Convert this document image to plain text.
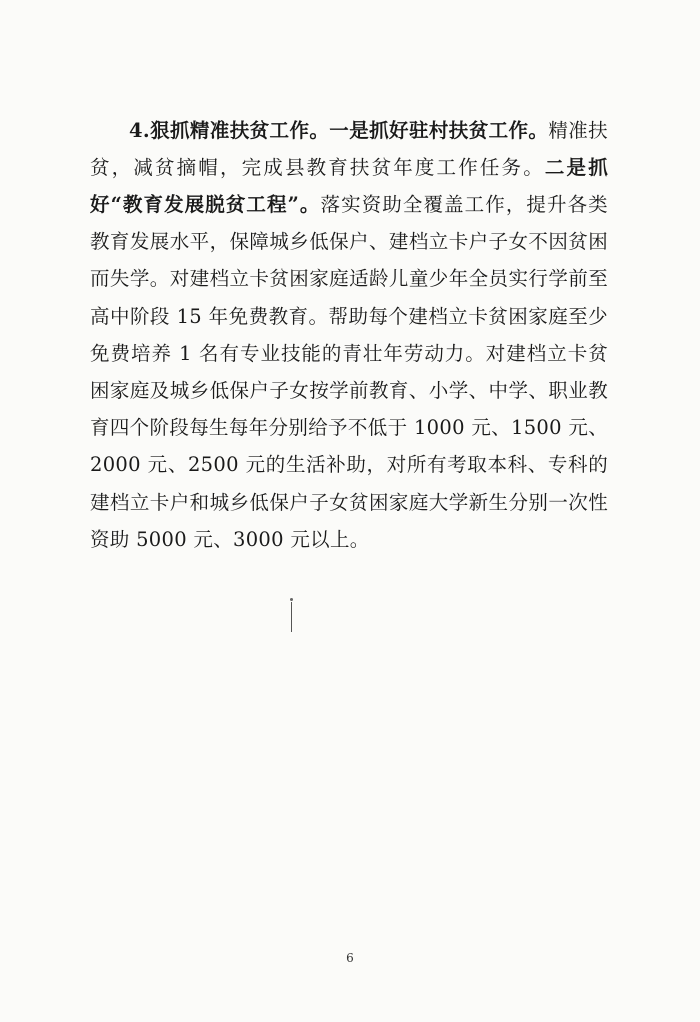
4.狠抓精准扶贫工作。一是抓好驻村扶贫工作。精准扶贫，减贫摘帽，完成县教育扶贫年度工作任务。二是抓好“教育发展脱贫工程”。落实资助全覆盖工作，提升各类教育发展水平，保障城乡低保户、建档立卡户子女不因贫困而失学。对建档立卡贫困家庭适龄儿童少年全员实行学前至高中阶段 15 年免费教育。帮助每个建档立卡贫困家庭至少免费培养 1 名有专业技能的青壮年劳动力。对建档立卡贫困家庭及城乡低保户子女按学前教育、小学、中学、职业教育四个阶段每生每年分别给予不低于 1000 元、1500 元、2000 元、2500 元的生活补助，对所有考取本科、专科的建档立卡户和城乡低保户子女贫困家庭大学新生分别一次性资助 5000 元、3000 元以上。

6
